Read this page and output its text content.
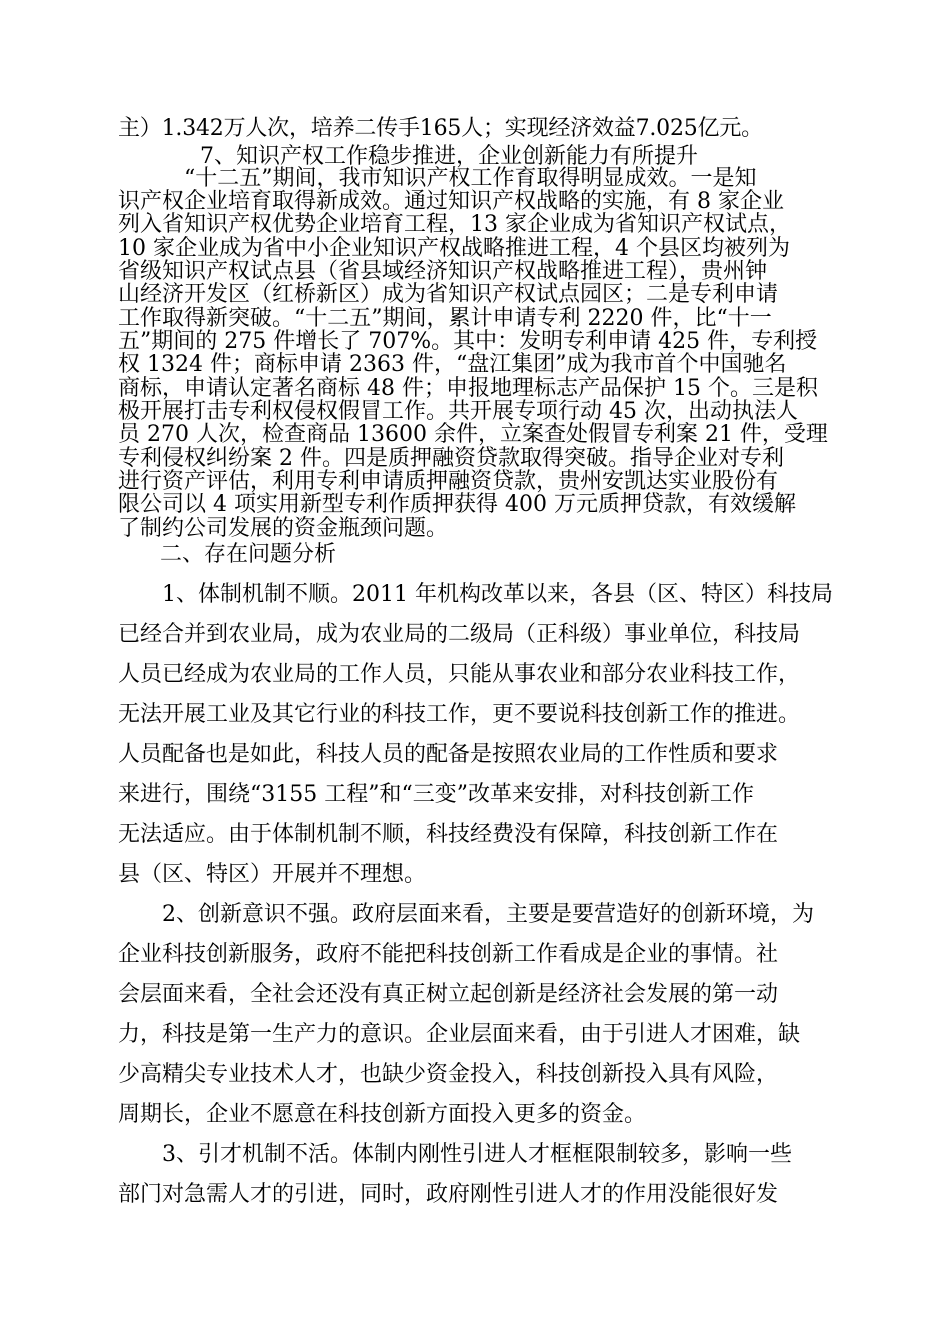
主）1.342万人次，培养二传手165人；实现经济效益7.025亿元。
7、知识产权工作稳步推进，企业创新能力有所提升
“十二五”期间，我市知识产权工作育取得明显成效。一是知
识产权企业培育取得新成效。通过知识产权战略的实施，有 8 家企业
列入省知识产权优势企业培育工程，13 家企业成为省知识产权试点，
10 家企业成为省中小企业知识产权战略推进工程，4 个县区均被列为
省级知识产权试点县（省县域经济知识产权战略推进工程），贵州钟
山经济开发区（红桥新区）成为省知识产权试点园区；二是专利申请
工作取得新突破。“十二五”期间，累计申请专利 2220 件，比“十一
五”期间的 275 件增长了 707%。其中：发明专利申请 425 件，专利授
权 1324 件；商标申请 2363 件，“盘江集团”成为我市首个中国驰名
商标，申请认定著名商标 48 件；申报地理标志产品保护 15 个。三是积
极开展打击专利权侵权假冒工作。共开展专项行动 45 次，出动执法人
员 270 人次，检查商品 13600 余件，立案查处假冒专利案 21 件，受理
专利侵权纠纷案 2 件。四是质押融资贷款取得突破。指导企业对专利
进行资产评估，利用专利申请质押融资贷款，贵州安凯达实业股份有
限公司以 4 项实用新型专利作质押获得 400 万元质押贷款，有效缓解
了制约公司发展的资金瓶颈问题。
二、存在问题分析
1、体制机制不顺。2011 年机构改革以来，各县（区、特区）科技局
已经合并到农业局，成为农业局的二级局（正科级）事业单位，科技局
人员已经成为农业局的工作人员，只能从事农业和部分农业科技工作，
无法开展工业及其它行业的科技工作，更不要说科技创新工作的推进。
人员配备也是如此，科技人员的配备是按照农业局的工作性质和要求
来进行，围绕“3155 工程”和“三变”改革来安排，对科技创新工作
无法适应。由于体制机制不顺，科技经费没有保障，科技创新工作在
县（区、特区）开展并不理想。
2、创新意识不强。政府层面来看，主要是要营造好的创新环境，为
企业科技创新服务，政府不能把科技创新工作看成是企业的事情。社
会层面来看，全社会还没有真正树立起创新是经济社会发展的第一动
力，科技是第一生产力的意识。企业层面来看，由于引进人才困难，缺
少高精尖专业技术人才，也缺少资金投入，科技创新投入具有风险，
周期长，企业不愿意在科技创新方面投入更多的资金。
3、引才机制不活。体制内刚性引进人才框框限制较多，影响一些
部门对急需人才的引进，同时，政府刚性引进人才的作用没能很好发
